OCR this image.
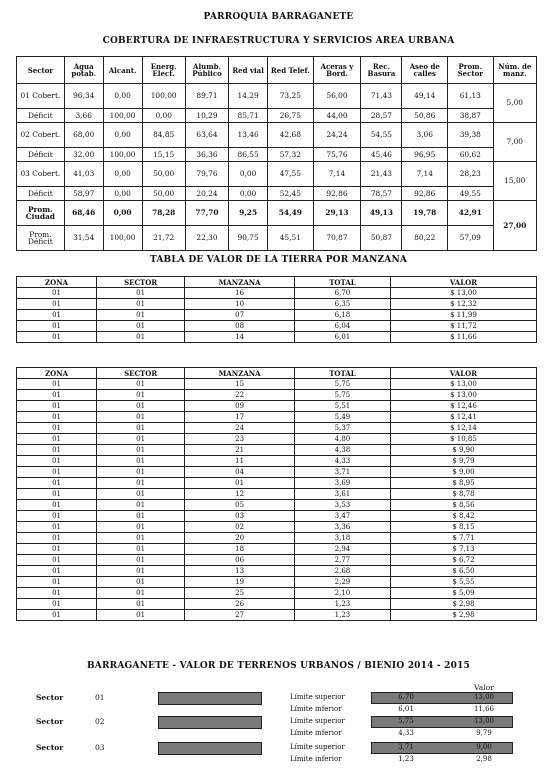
PARROQUIA BARRAGANETE
COBERTURA DE INFRAESTRUCTURA Y SERVICIOS AREA URBANA
Sector	Agua potab.	Alcant.	Energ. Elect.	Alumb. Público	Red vial	Red Telef.	Aceras y Bord.	Rec. Basura	Aseo de calles	Prom. Sector	Núm. de manz.
01 Cobert.	96,34	0,00	100,00	89,71	14,29	73,25	56,00	71,43	49,14	61,13	5,00
Déficit	3,66	100,00	0,00	10,29	85,71	26,75	44,00	28,57	50,86	38,87	
02 Cobert.	68,00	0,00	84,85	63,64	13,46	42,68	24,24	54,55	3,06	39,38	7,00
Déficit	32,00	100,00	15,15	36,36	86,55	57,32	75,76	45,46	96,95	60,62	
03 Cobert.	41,03	0,00	50,00	79,76	0,00	47,55	7,14	21,43	7,14	28,23	15,00
Déficit	58,97	0,00	50,00	20,24	0,00	52,45	92,86	78,57	92,86	49,55	
Prom. Ciudad	68,46	0,00	78,28	77,70	9,25	54,49	29,13	49,13	19,78	42,91	27,00
Prom. Déficit	31,54	100,00	21,72	22,30	90,75	45,51	70,87	50,87	80,22	57,09	
TABLA DE VALOR DE LA TIERRA POR MANZANA
ZONA	SECTOR	MANZANA	TOTAL	VALOR
01	01	16	6,70	$ 13,00
01	01	10	6,35	$ 12,32
01	01	07	6,18	$ 11,99
01	01	08	6,04	$ 11,72
01	01	14	6,01	$ 11,66
ZONA	SECTOR	MANZANA	TOTAL	VALOR
01	01	15	5,75	$ 13,00
01	01	22	5,75	$ 13,00
01	01	09	5,51	$ 12,46
01	01	17	5,49	$ 12,41
01	01	24	5,37	$ 12,14
01	01	23	4,80	$ 10,85
01	01	21	4,38	$ 9,90
01	01	11	4,33	$ 9,79
01	01	04	3,71	$ 9,00
01	01	01	3,69	$ 8,95
01	01	12	3,61	$ 8,78
01	01	05	3,53	$ 8,56
01	01	03	3,47	$ 8,42
01	01	02	3,36	$ 8,15
01	01	20	3,18	$ 7,71
01	01	18	2,94	$ 7,13
01	01	06	2,77	$ 6,72
01	01	13	2,68	$ 6,50
01	01	19	2,29	$ 5,55
01	01	25	2,10	$ 5,09
01	01	26	1,23	$ 2,98
01	01	27	1,23	$ 2,98
BARRAGANETE - VALOR DE TERRENOS URBANOS / BIENIO 2014 - 2015
Valor
Sector	01	Límite superior	6,70	13,00
Límite inferior	6,01	11,66
Sector	02	Límite superior	5,75	13,00
Límite inferior	4,33	9,79
Sector	03	Límite superior	3,71	9,00
Límite inferior	1,23	2,98
